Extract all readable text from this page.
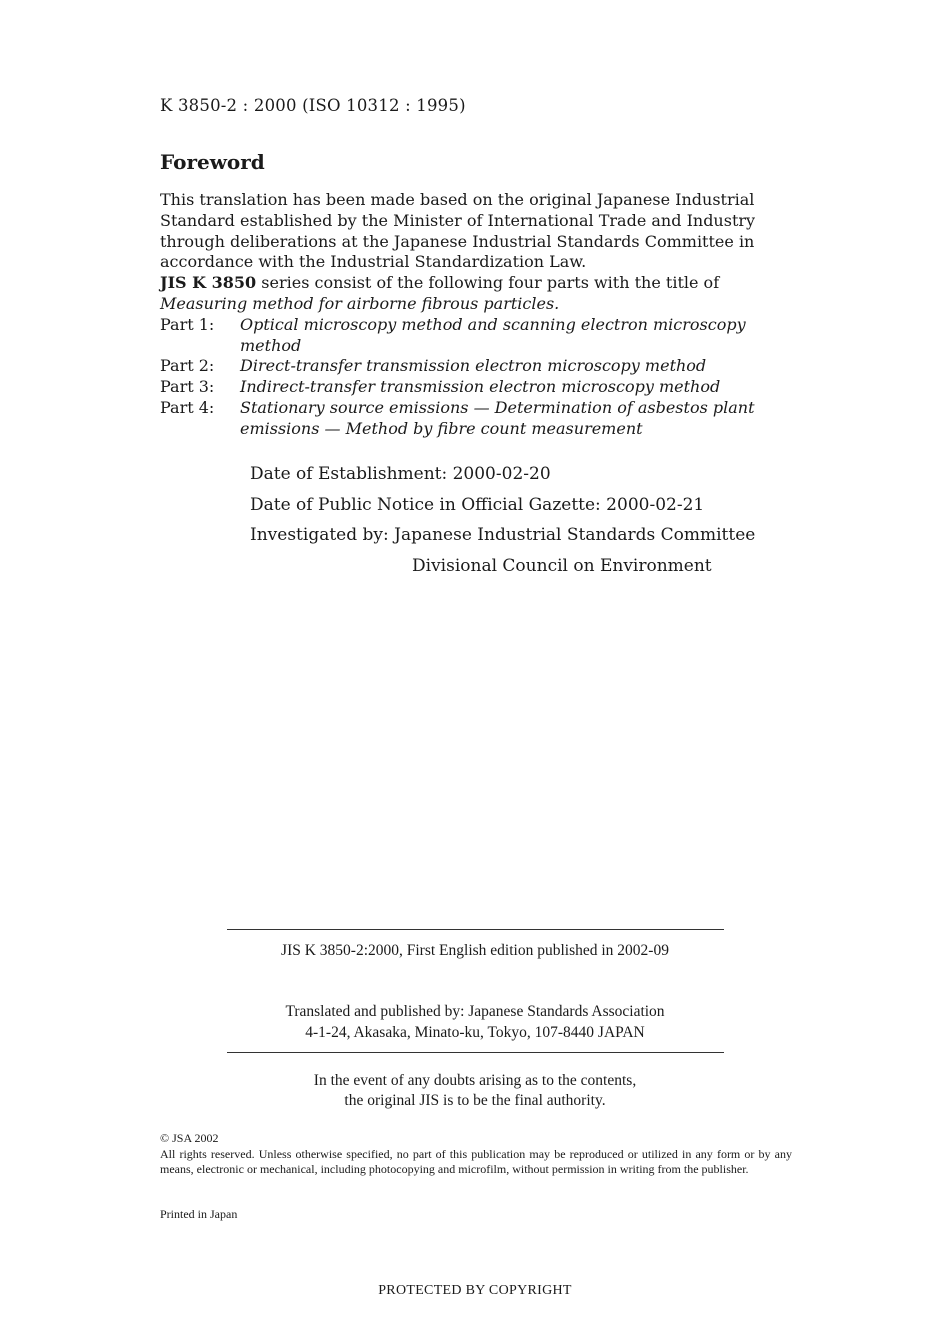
K 3850-2 : 2000 (ISO 10312 : 1995)
Foreword

This translation has been made based on the original Japanese Industrial Standard established by the Minister of International Trade and Industry through deliberations at the Japanese Industrial Standards Committee in accordance with the Industrial Standardization Law.

JIS K 3850 series consist of the following four parts with the title of Measuring method for airborne fibrous particles.

Part 1:	Optical microscopy method and scanning electron microscopy method
Part 2:	Direct-transfer transmission electron microscopy method
Part 3:	Indirect-transfer transmission electron microscopy method
Part 4:	Stationary source emissions — Determination of asbestos plant emissions — Method by fibre count measurement
Date of Establishment: 2000-02-20
Date of Public Notice in Official Gazette: 2000-02-21
Investigated by: Japanese Industrial Standards Committee
Divisional Council on Environment
JIS K 3850-2:2000, First English edition published in 2002-09
Translated and published by: Japanese Standards Association
4-1-24, Akasaka, Minato-ku, Tokyo, 107-8440 JAPAN
In the event of any doubts arising as to the contents,
the original JIS is to be the final authority.
© JSA 2002
All rights reserved. Unless otherwise specified, no part of this publication may be reproduced or utilized in any form or by any means, electronic or mechanical, including photocopying and microfilm, without permission in writing from the publisher.
Printed in Japan
PROTECTED BY COPYRIGHT
